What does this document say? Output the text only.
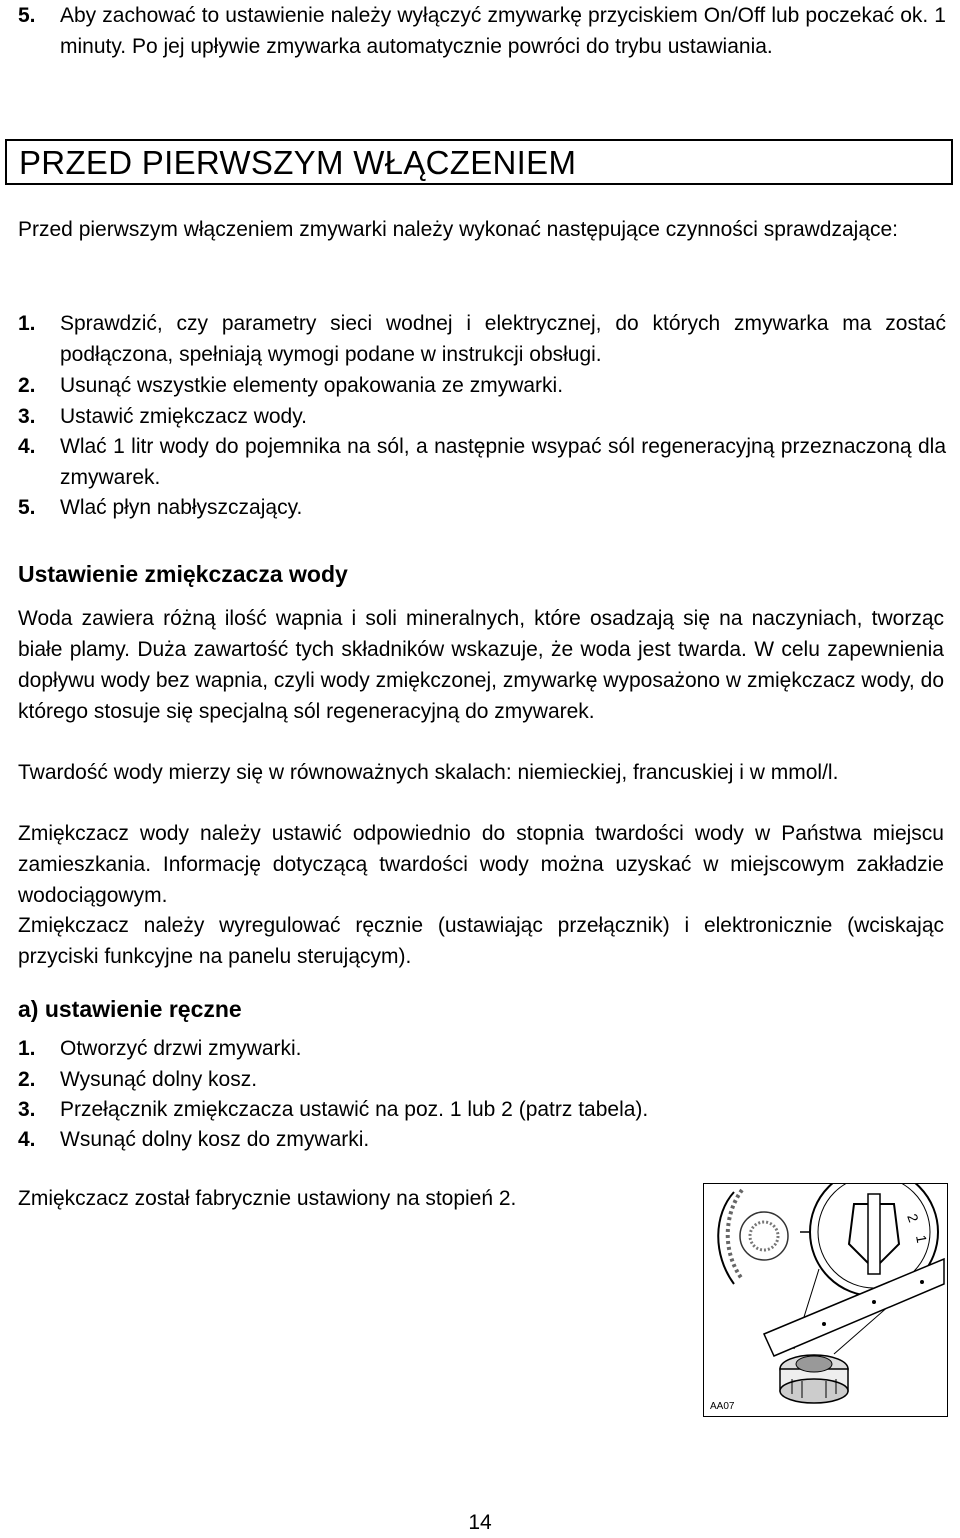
5. Aby zachować to ustawienie należy wyłączyć zmywarkę przyciskiem On/Off lub poczekać ok. 1 minuty. Po jej upływie zmywarka automatycznie powróci do trybu ustawiania.
PRZED PIERWSZYM WŁĄCZENIEM
Przed pierwszym włączeniem zmywarki należy wykonać następujące czynności sprawdzające:
1. Sprawdzić, czy parametry sieci wodnej i elektrycznej, do których zmywarka ma zostać podłączona, spełniają wymogi podane w instrukcji obsługi.
2. Usunąć wszystkie elementy opakowania ze zmywarki.
3. Ustawić zmiękczacz wody.
4. Wlać 1 litr wody do pojemnika na sól, a następnie wsypać sól regeneracyjną przeznaczoną dla zmywarek.
5. Wlać płyn nabłyszczający.
Ustawienie zmiękczacza wody
Woda zawiera różną ilość wapnia i soli mineralnych, które osadzają się na naczyniach, tworząc białe plamy. Duża zawartość tych składników wskazuje, że woda jest twarda. W celu zapewnienia dopływu wody bez wapnia, czyli wody zmiękczonej, zmywarkę wyposażono w zmiękczacz wody, do którego stosuje się specjalną sól regeneracyjną do zmywarek.
Twardość wody mierzy się w równoważnych skalach: niemieckiej, francuskiej i w mmol/l.
Zmiękczacz wody należy ustawić odpowiednio do stopnia twardości wody w Państwa miejscu zamieszkania. Informację dotyczącą twardości wody można uzyskać w miejscowym zakładzie wodociągowym.
Zmiękczacz należy wyregulować ręcznie (ustawiając przełącznik) i elektronicznie (wciskając przyciski funkcyjne na panelu sterującym).
a) ustawienie ręczne
1. Otworzyć drzwi zmywarki.
2. Wysunąć dolny kosz.
3. Przełącznik zmiękczacza ustawić na poz. 1 lub 2 (patrz tabela).
4. Wsunąć dolny kosz do zmywarki.
Zmiękczacz został fabrycznie ustawiony na stopień 2.
2
1
AA07
14
